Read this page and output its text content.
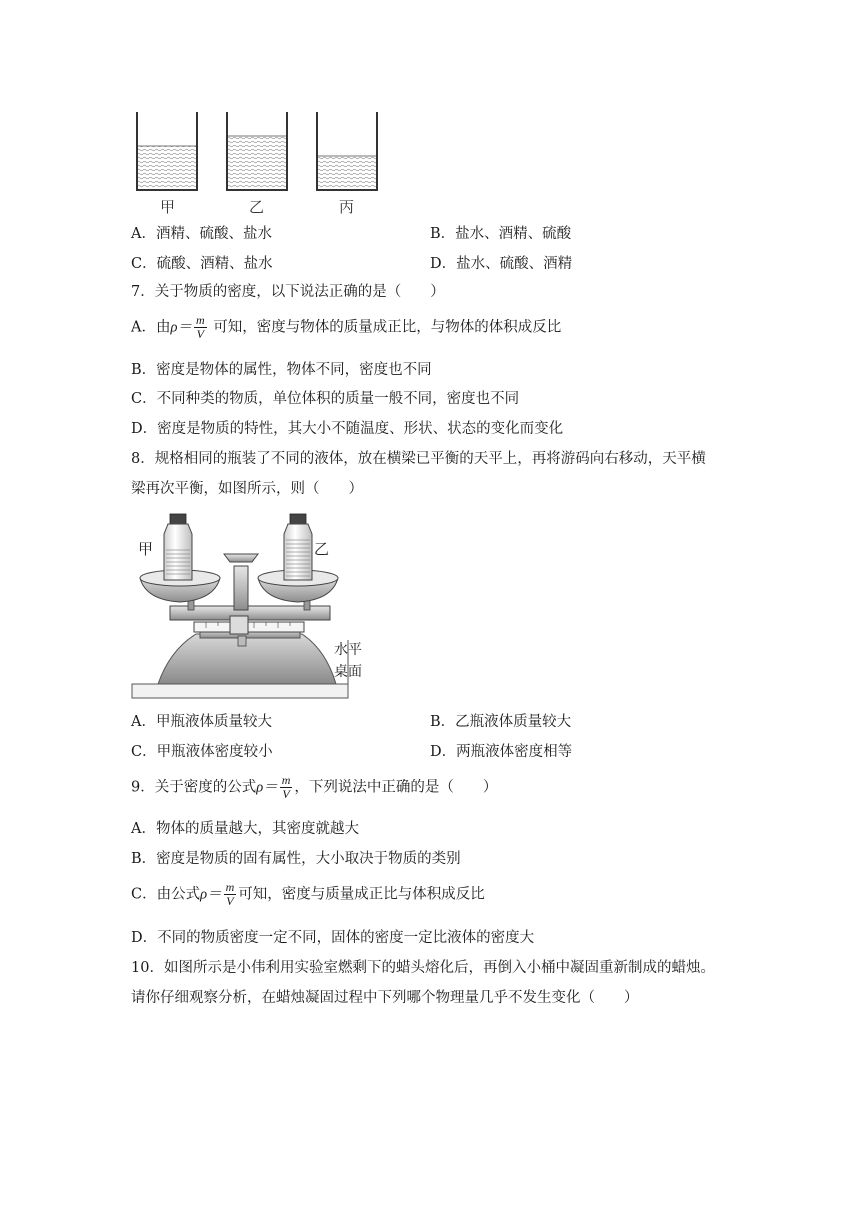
甲	乙	丙
A．酒精、硫酸、盐水	B．盐水、酒精、硫酸
C．硫酸、酒精、盐水	D．盐水、硫酸、酒精
7．关于物质的密度，以下说法正确的是（　　）
A．由$\rho= \frac{m}{V}$ 可知，密度与物体的质量成正比，与物体的体积成反比
B．密度是物体的属性，物体不同，密度也不同
C．不同种类的物质，单位体积的质量一般不同，密度也不同
D．密度是物质的特性，其大小不随温度、形状、状态的变化而变化
8．规格相同的瓶装了不同的液体，放在横梁已平衡的天平上，再将游码向右移动，天平横
梁再次平衡，如图所示，则（　　）
甲	乙
水平
桌面
A．甲瓶液体质量较大	B．乙瓶液体质量较大
C．甲瓶液体密度较小	D．两瓶液体密度相等
9．关于密度的公式$\rho= \frac{m}{V}$ ，下列说法中正确的是（　　）
A．物体的质量越大，其密度就越大
B．密度是物质的固有属性，大小取决于物质的类别
C．由公式$\rho= \frac{m}{V}$ 可知，密度与质量成正比与体积成反比
D．不同的物质密度一定不同，固体的密度一定比液体的密度大
10．如图所示是小伟利用实验室燃剩下的蜡头熔化后，再倒入小桶中凝固重新制成的蜡烛。
请你仔细观察分析，在蜡烛凝固过程中下列哪个物理量几乎不发生变化（　　）
